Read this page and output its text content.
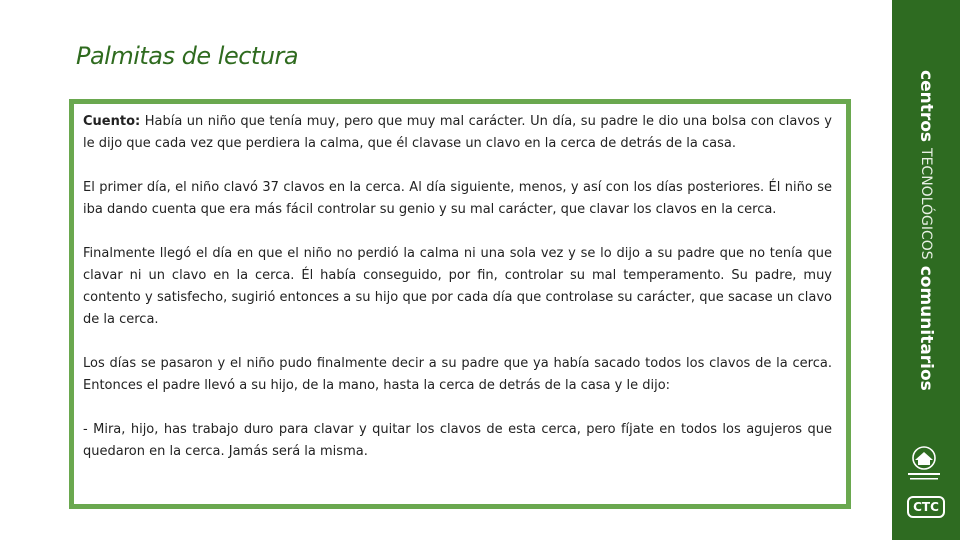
Palmitas de lectura

Cuento: Había un niño que tenía muy, pero que muy mal carácter. Un día, su padre le dio una bolsa con clavos y le dijo que cada vez que perdiera la calma, que él clavase un clavo en la cerca de detrás de la casa.

El primer día, el niño clavó 37 clavos en la cerca. Al día siguiente, menos, y así con los días posteriores. Él niño se iba dando cuenta que era más fácil controlar su genio y su mal carácter, que clavar los clavos en la cerca.

Finalmente llegó el día en que el niño no perdió la calma ni una sola vez y se lo dijo a su padre que no tenía que clavar ni un clavo en la cerca. Él había conseguido, por fin, controlar su mal temperamento. Su padre, muy contento y satisfecho, sugirió entonces a su hijo que por cada día que controlase su carácter, que sacase un clavo de la cerca.

Los días se pasaron y el niño pudo finalmente decir a su padre que ya había sacado todos los clavos de la cerca. Entonces el padre llevó a su hijo, de la mano, hasta la cerca de detrás de la casa y le dijo:

- Mira, hijo, has trabajo duro para clavar y quitar los clavos de esta cerca, pero fíjate en todos los agujeros que quedaron en la cerca. Jamás será la misma.

centrosTECNOLÓGICOScomunitarios
CTC
